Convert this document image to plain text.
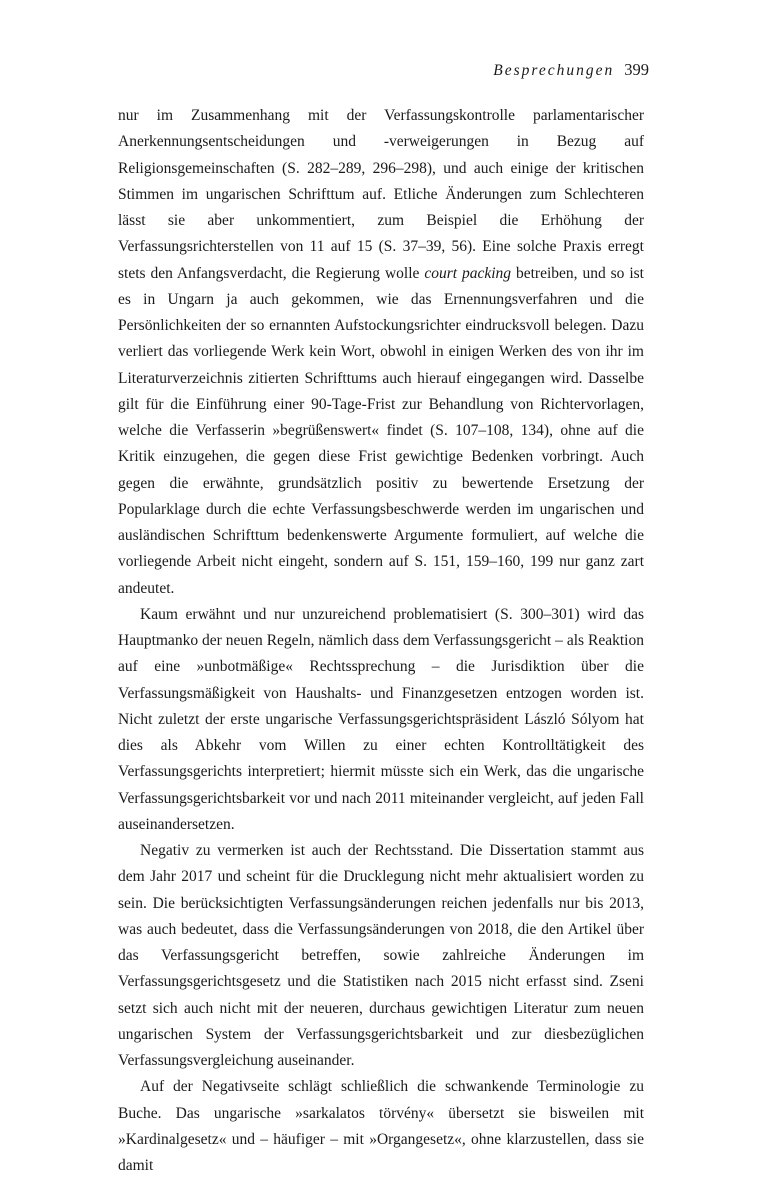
Besprechungen 399

nur im Zusammenhang mit der Verfassungskontrolle parlamentarischer Anerkennungsentscheidungen und -verweigerungen in Bezug auf Religionsgemeinschaften (S. 282–289, 296–298), und auch einige der kritischen Stimmen im ungarischen Schrifttum auf. Etliche Änderungen zum Schlechteren lässt sie aber unkommentiert, zum Beispiel die Erhöhung der Verfassungsrichterstellen von 11 auf 15 (S. 37–39, 56). Eine solche Praxis erregt stets den Anfangsverdacht, die Regierung wolle court packing betreiben, und so ist es in Ungarn ja auch gekommen, wie das Ernennungsverfahren und die Persönlichkeiten der so ernannten Aufstockungsrichter eindrucksvoll belegen. Dazu verliert das vorliegende Werk kein Wort, obwohl in einigen Werken des von ihr im Literaturverzeichnis zitierten Schrifttums auch hierauf eingegangen wird. Dasselbe gilt für die Einführung einer 90-Tage-Frist zur Behandlung von Richtervorlagen, welche die Verfasserin »begrüßenswert« findet (S. 107–108, 134), ohne auf die Kritik einzugehen, die gegen diese Frist gewichtige Bedenken vorbringt. Auch gegen die erwähnte, grundsätzlich positiv zu bewertende Ersetzung der Popularklage durch die echte Verfassungsbeschwerde werden im ungarischen und ausländischen Schrifttum bedenkenswerte Argumente formuliert, auf welche die vorliegende Arbeit nicht eingeht, sondern auf S. 151, 159–160, 199 nur ganz zart andeutet.

Kaum erwähnt und nur unzureichend problematisiert (S. 300–301) wird das Hauptmanko der neuen Regeln, nämlich dass dem Verfassungsgericht – als Reaktion auf eine »unbotmäßige« Rechtssprechung – die Jurisdiktion über die Verfassungsmäßigkeit von Haushalts- und Finanzgesetzen entzogen worden ist. Nicht zuletzt der erste ungarische Verfassungsgerichtspräsident László Sólyom hat dies als Abkehr vom Willen zu einer echten Kontrolltätigkeit des Verfassungsgerichts interpretiert; hiermit müsste sich ein Werk, das die ungarische Verfassungsgerichtsbarkeit vor und nach 2011 miteinander vergleicht, auf jeden Fall auseinandersetzen.

Negativ zu vermerken ist auch der Rechtsstand. Die Dissertation stammt aus dem Jahr 2017 und scheint für die Drucklegung nicht mehr aktualisiert worden zu sein. Die berücksichtigten Verfassungsänderungen reichen jedenfalls nur bis 2013, was auch bedeutet, dass die Verfassungsänderungen von 2018, die den Artikel über das Verfassungsgericht betreffen, sowie zahlreiche Änderungen im Verfassungsgerichtsgesetz und die Statistiken nach 2015 nicht erfasst sind. Zseni setzt sich auch nicht mit der neueren, durchaus gewichtigen Literatur zum neuen ungarischen System der Verfassungsgerichtsbarkeit und zur diesbezüglichen Verfassungsvergleichung auseinander.

Auf der Negativseite schlägt schließlich die schwankende Terminologie zu Buche. Das ungarische »sarkalatos törvény« übersetzt sie bisweilen mit »Kardinalgesetz« und – häufiger – mit »Organgesetz«, ohne klarzustellen, dass sie damit
